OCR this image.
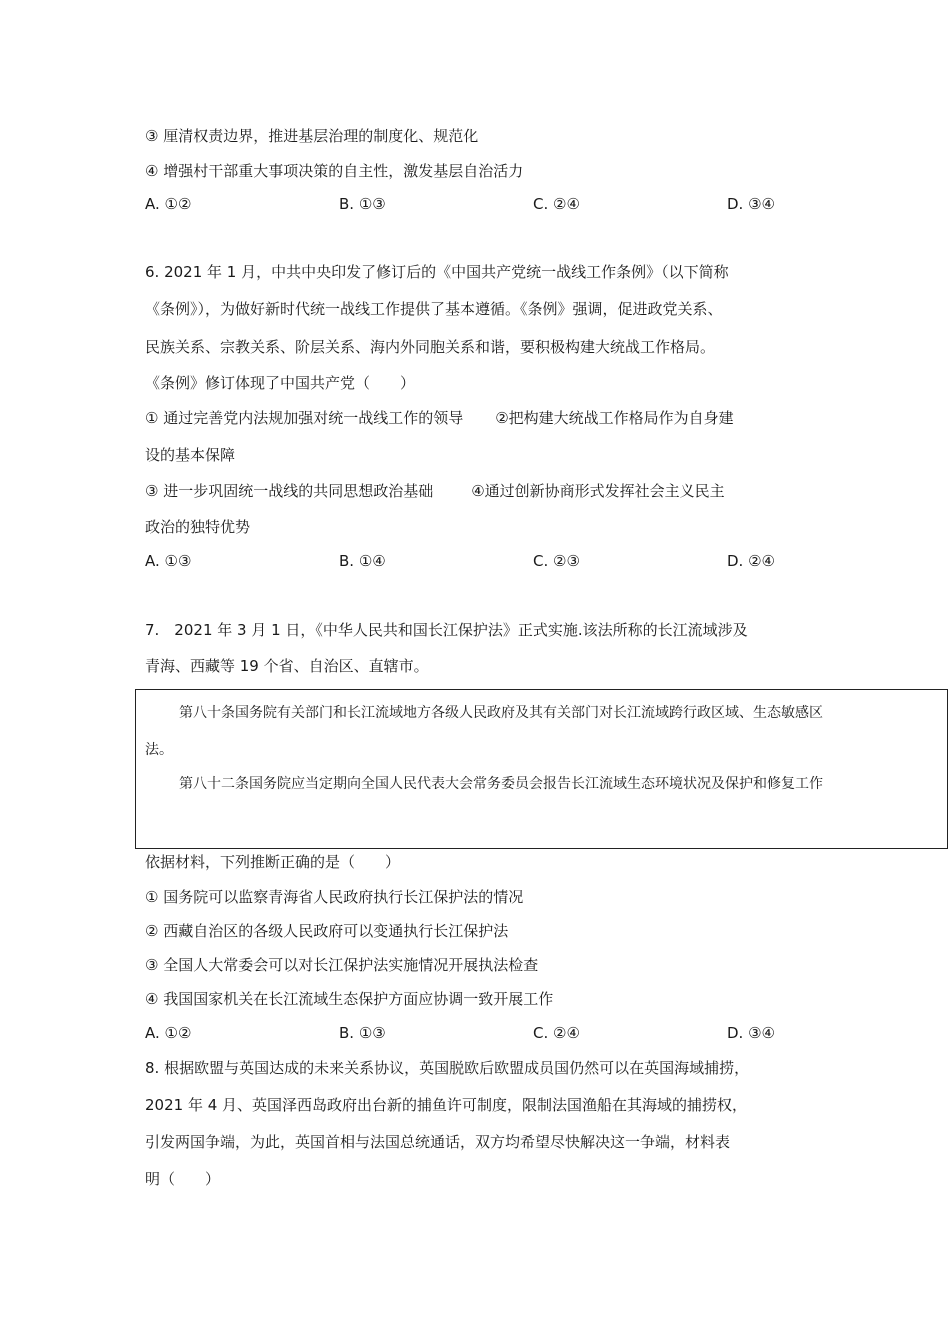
③ 厘清权责边界，推进基层治理的制度化、规范化
④ 增强村干部重大事项决策的自主性，激发基层自治活力
A. ①②	B. ①③	C. ②④	D. ③④
6. 2021 年 1 月，中共中央印发了修订后的《中国共产党统一战线工作条例》（以下简称
《条例》），为做好新时代统一战线工作提供了基本遵循。《条例》强调，促进政党关系、
民族关系、宗教关系、阶层关系、海内外同胞关系和谐，要积极构建大统战工作格局。
《条例》修订体现了中国共产党（　　）
① 通过完善党内法规加强对统一战线工作的领导 ②把构建大统战工作格局作为自身建
设的基本保障
③ 进一步巩固统一战线的共同思想政治基础	④通过创新协商形式发挥社会主义民主
政治的独特优势
A. ①③	B. ①④	C. ②③	D. ②④
7.　2021 年 3 月 1 日，《中华人民共和国长江保护法》正式实施.该法所称的长江流域涉及
青海、西藏等 19 个省、自治区、直辖市。
第八十条国务院有关部门和长江流域地方各级人民政府及其有关部门对长江流域跨行政区域、生态敏感区
法。
第八十二条国务院应当定期向全国人民代表大会常务委员会报告长江流域生态环境状况及保护和修复工作
依据材料，下列推断正确的是（　　）
① 国务院可以监察青海省人民政府执行长江保护法的情况
② 西藏自治区的各级人民政府可以变通执行长江保护法
③ 全国人大常委会可以对长江保护法实施情况开展执法检查
④ 我国国家机关在长江流域生态保护方面应协调一致开展工作
A. ①②	B. ①③	C. ②④	D. ③④
8. 根据欧盟与英国达成的未来关系协议，英国脱欧后欧盟成员国仍然可以在英国海域捕捞，
2021 年 4 月、英国泽西岛政府出台新的捕鱼许可制度，限制法国渔船在其海域的捕捞权，
引发两国争端，为此，英国首相与法国总统通话，双方均希望尽快解决这一争端，材料表
明（　　）
